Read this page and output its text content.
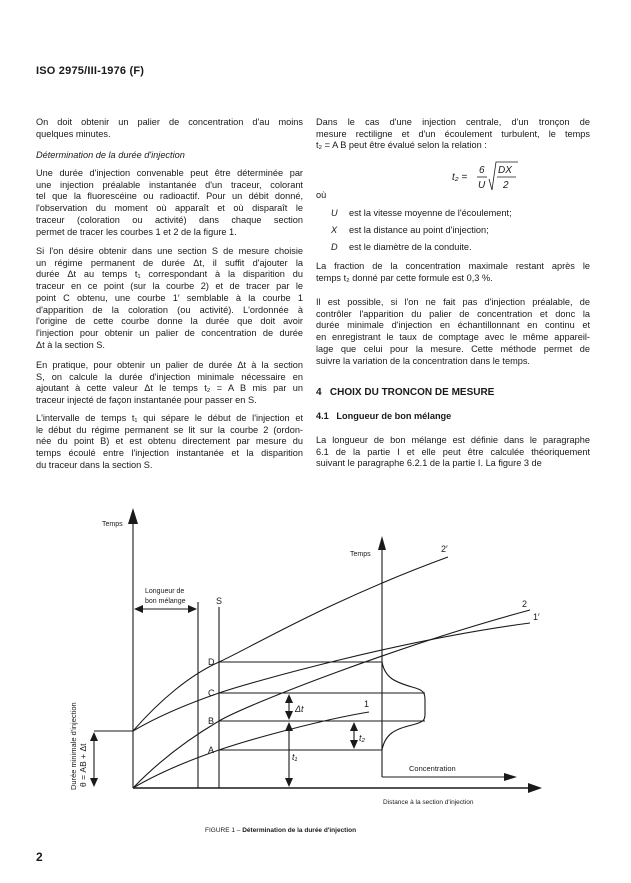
ISO 2975/III-1976 (F)
On doit obtenir un palier de concentration d'au moins
quelques minutes.
Détermination de la durée d'injection
Une durée d'injection convenable peut être déterminée par
une injection préalable instantanée d'un traceur, colorant
tel que la fluorescéine ou radioactif. Pour un débit donné,
l'observation du moment où apparaît et où disparaît le
traceur (coloration ou activité) dans chaque section
permet de tracer les courbes 1 et 2 de la figure 1.
Si l'on désire obtenir dans une section S de mesure choisie
un régime permanent de durée Δt, il suffit d'ajouter la
durée Δt au temps t₁ correspondant à la disparition du
traceur en ce point (sur la courbe 2) et de tracer par le
point C obtenu, une courbe 1′ semblable à la courbe 1
d'apparition de la coloration (ou activité). L'ordonnée à
l'origine de cette courbe donne la durée que doit avoir
l'injection pour obtenir un palier de concentration de durée
Δt à la section S.
En pratique, pour obtenir un palier de durée Δt à la section
S, on calcule la durée d'injection minimale nécessaire en
ajoutant à cette valeur Δt le temps t₂ = A B mis par un
traceur injecté de façon instantanée pour passer en S.
L'intervalle de temps t₁ qui sépare le début de l'injection et
le début du régime permanent se lit sur la courbe 2 (ordon-
née du point B) et est obtenu directement par mesure du
temps écoulé entre l'injection instantanée et la disparition
du traceur dans la section S.
Dans le cas d'une injection centrale, d'un tronçon de
mesure rectiligne et d'un écoulement turbulent, le temps
t₂ = A B peut être évalué selon la relation :
t₂ =
6
U
DX
2
où
U est la vitesse moyenne de l'écoulement;
X est la distance au point d'injection;
D est le diamètre de la conduite.
La fraction de la concentration maximale restant après le
temps t₂ donné par cette formule est 0,3 %.
Il est possible, si l'on ne fait pas d'injection préalable, de
contrôler l'apparition du palier de concentration et donc la
durée minimale d'injection en échantillonnant en continu et
en enregistrant le taux de comptage avec le même appareil-
lage que celui pour la mesure. Cette méthode permet de
suivre la variation de la concentration dans le temps.
4   CHOIX DU TRONCON DE MESURE
4.1   Longueur de bon mélange
La longueur de bon mélange est définie dans le paragraphe
6.1 de la partie I et elle peut être calculée théoriquement
suivant le paragraphe 6.2.1 de la partie I. La figure 3 de
Temps
Temps
Longueur de
bon mélange
Concentration
Distance à la section d'injection
S
D
C
B
A
Δt
t₁
t₂
1
2
1′
2′
Durée minimale d'injection θ = AB + Δt
FIGURE 1 – Détermination de la durée d'injection
2
